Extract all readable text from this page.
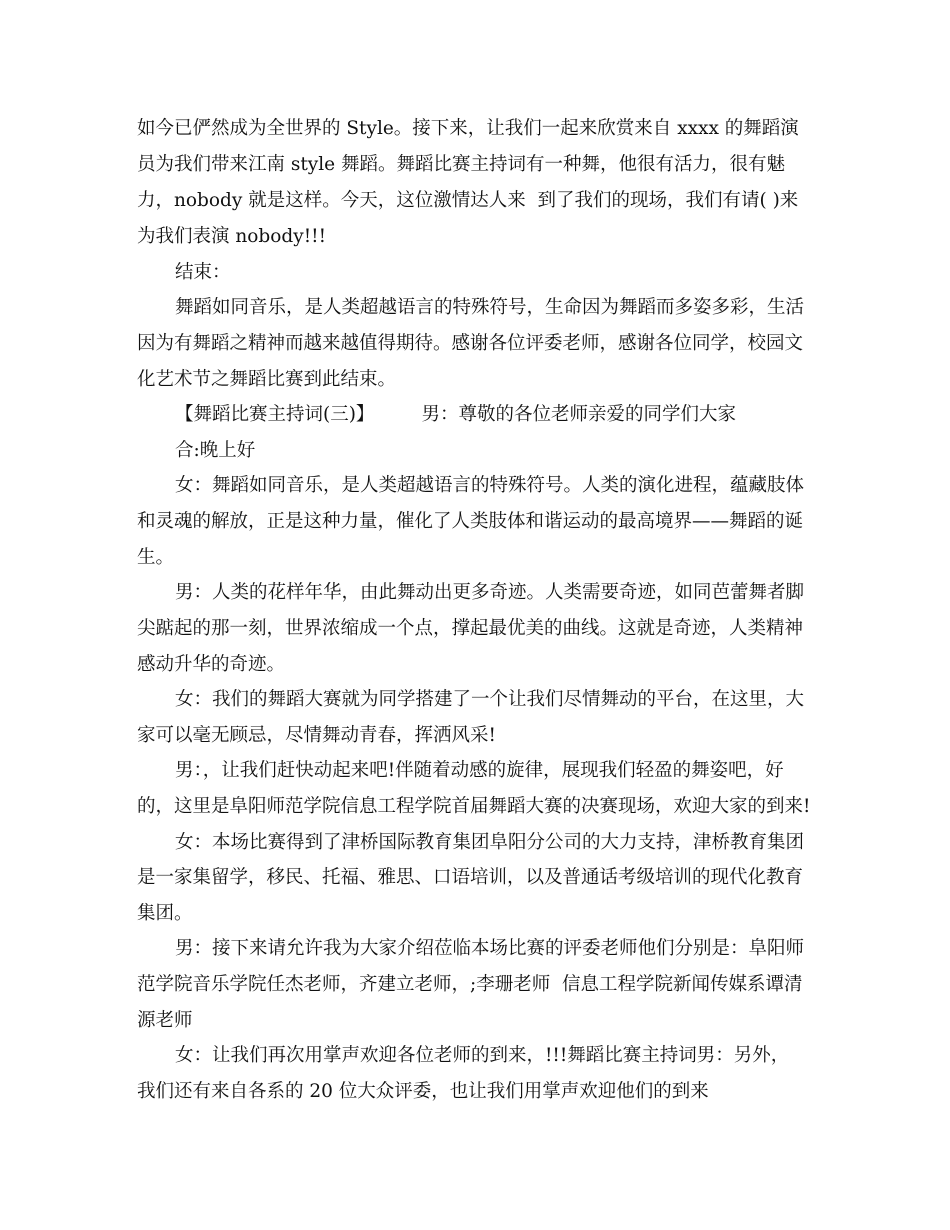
如今已俨然成为全世界的 Style。接下来，让我们一起来欣赏来自 xxxx 的舞蹈演
员为我们带来江南 style 舞蹈。舞蹈比赛主持词有一种舞，他很有活力，很有魅
力，nobody 就是这样。今天，这位激情达人来  到了我们的现场，我们有请( )来
为我们表演 nobody!!!
结束：
舞蹈如同音乐，是人类超越语言的特殊符号，生命因为舞蹈而多姿多彩，生活
因为有舞蹈之精神而越来越值得期待。感谢各位评委老师，感谢各位同学，校园文
化艺术节之舞蹈比赛到此结束。
【舞蹈比赛主持词(三)】        男：尊敬的各位老师亲爱的同学们大家
合:晚上好
女：舞蹈如同音乐，是人类超越语言的特殊符号。人类的演化进程，蕴藏肢体
和灵魂的解放，正是这种力量，催化了人类肢体和谐运动的最高境界——舞蹈的诞
生。
男：人类的花样年华，由此舞动出更多奇迹。人类需要奇迹，如同芭蕾舞者脚
尖踮起的那一刻，世界浓缩成一个点，撑起最优美的曲线。这就是奇迹，人类精神
感动升华的奇迹。
女：我们的舞蹈大赛就为同学搭建了一个让我们尽情舞动的平台，在这里，大
家可以毫无顾忌，尽情舞动青春，挥洒风采!
男：，让我们赶快动起来吧!伴随着动感的旋律，展现我们轻盈的舞姿吧，好
的，这里是阜阳师范学院信息工程学院首届舞蹈大赛的决赛现场，欢迎大家的到来!
女：本场比赛得到了津桥国际教育集团阜阳分公司的大力支持，津桥教育集团
是一家集留学，移民、托福、雅思、口语培训，以及普通话考级培训的现代化教育
集团。
男：接下来请允许我为大家介绍莅临本场比赛的评委老师他们分别是：阜阳师
范学院音乐学院任杰老师，齐建立老师，;李珊老师  信息工程学院新闻传媒系谭清
源老师
女：让我们再次用掌声欢迎各位老师的到来，!!!舞蹈比赛主持词男：另外，
我们还有来自各系的 20 位大众评委，也让我们用掌声欢迎他们的到来
